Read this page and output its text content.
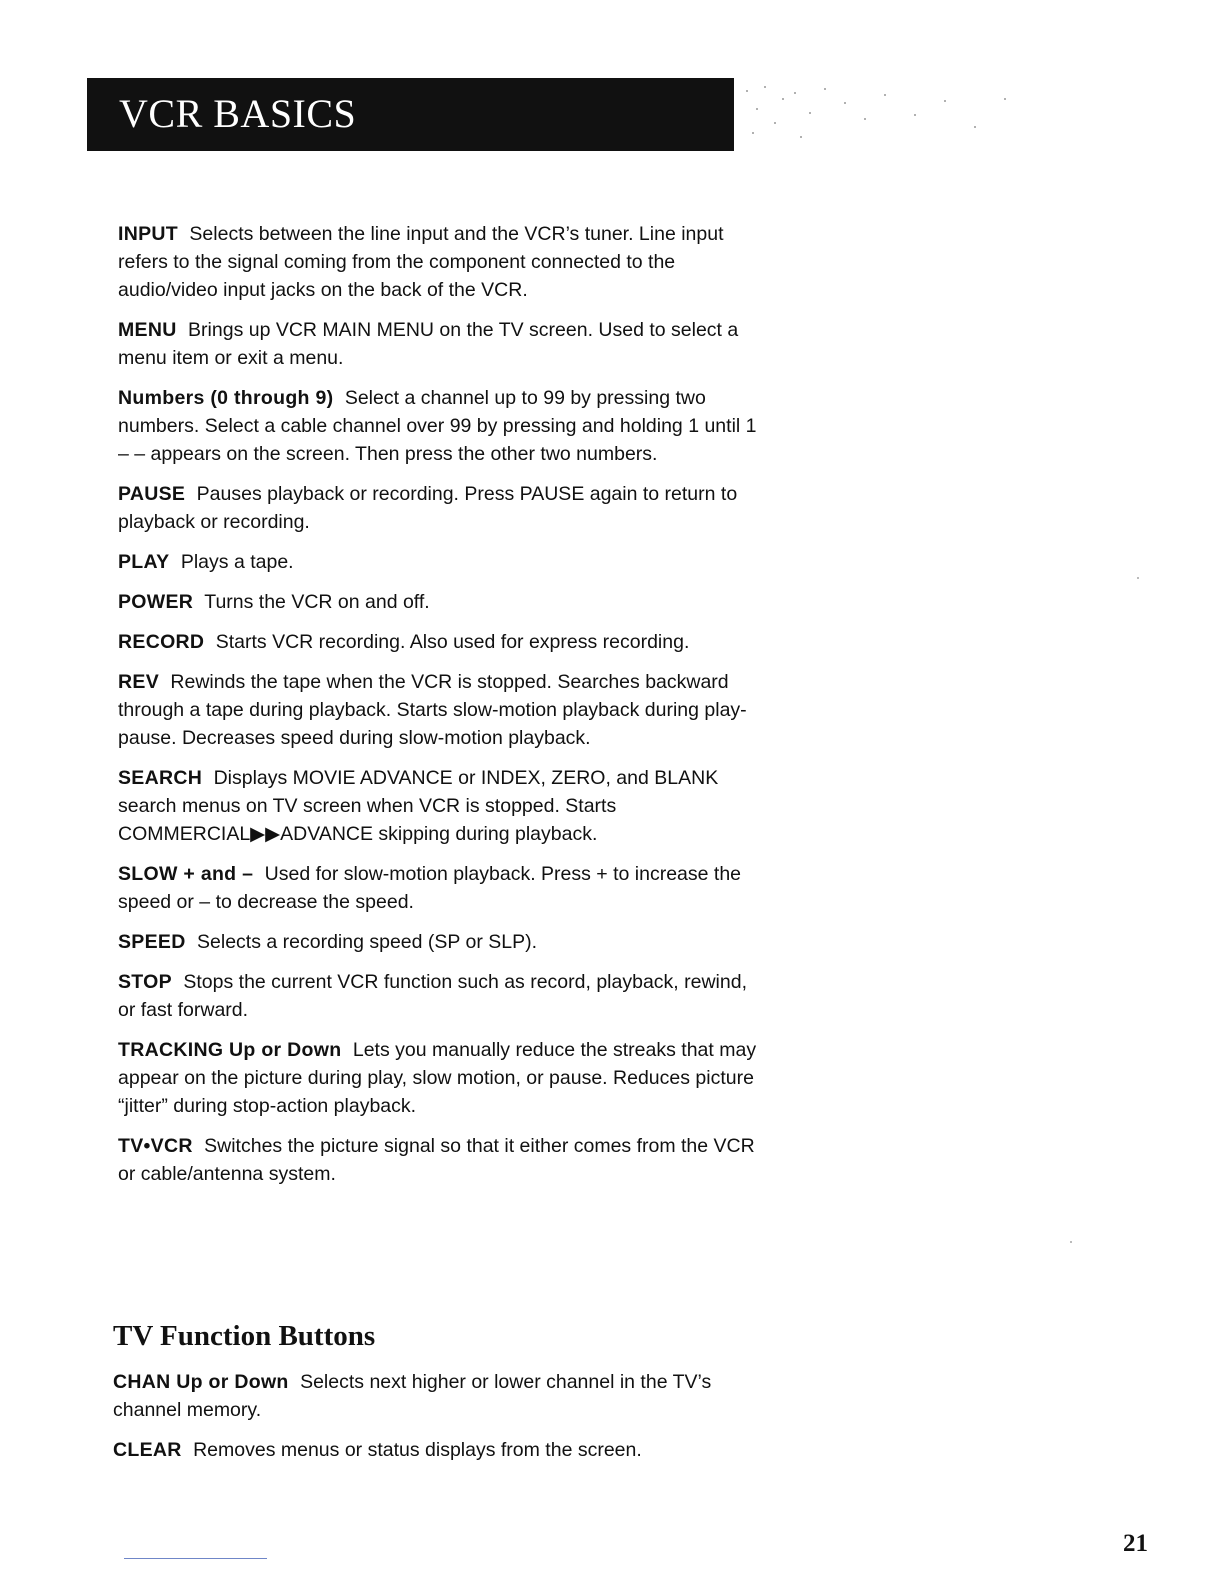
VCR BASICS

INPUT Selects between the line input and the VCR’s tuner. Line input refers to the signal coming from the component connected to the audio/video input jacks on the back of the VCR.

MENU Brings up VCR MAIN MENU on the TV screen. Used to select a menu item or exit a menu.

Numbers (0 through 9) Select a channel up to 99 by pressing two numbers. Select a cable channel over 99 by pressing and holding 1 until 1 – – appears on the screen. Then press the other two numbers.

PAUSE Pauses playback or recording. Press PAUSE again to return to playback or recording.

PLAY Plays a tape.

POWER Turns the VCR on and off.

RECORD Starts VCR recording. Also used for express recording.

REV Rewinds the tape when the VCR is stopped. Searches backward through a tape during playback. Starts slow-motion playback during play-pause. Decreases speed during slow-motion playback.

SEARCH Displays MOVIE ADVANCE or INDEX, ZERO, and BLANK search menus on TV screen when VCR is stopped. Starts COMMERCIAL▶▶ADVANCE skipping during playback.

SLOW + and – Used for slow-motion playback. Press + to increase the speed or – to decrease the speed.

SPEED Selects a recording speed (SP or SLP).

STOP Stops the current VCR function such as record, playback, rewind, or fast forward.

TRACKING Up or Down Lets you manually reduce the streaks that may appear on the picture during play, slow motion, or pause. Reduces picture “jitter” during stop-action playback.

TV•VCR Switches the picture signal so that it either comes from the VCR or cable/antenna system.

TV Function Buttons

CHAN Up or Down Selects next higher or lower channel in the TV’s channel memory.

CLEAR Removes menus or status displays from the screen.

21
